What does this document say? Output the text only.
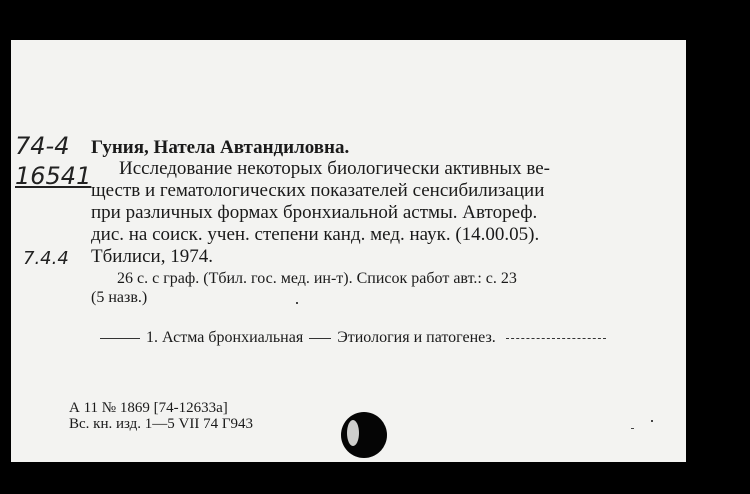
74-4
16541
7.4.4
Гуния, Натела Автандиловна.
Исследование некоторых биологически активных ве-
ществ и гематологических показателей сенсибилизации
при различных формах бронхиальной астмы. Автореф.
дис. на соиск. учен. степени канд. мед. наук. (14.00.05).
Тбилиси, 1974.
26 с. с граф. (Тбил. гос. мед. ин-т). Список работ авт.: с. 23
(5 назв.)
1. Астма бронхиальная Этиология и патогенез.
А 11 № 1869 [74-12633а]
Вс. кн. изд. 1—5 VII 74 Г943
